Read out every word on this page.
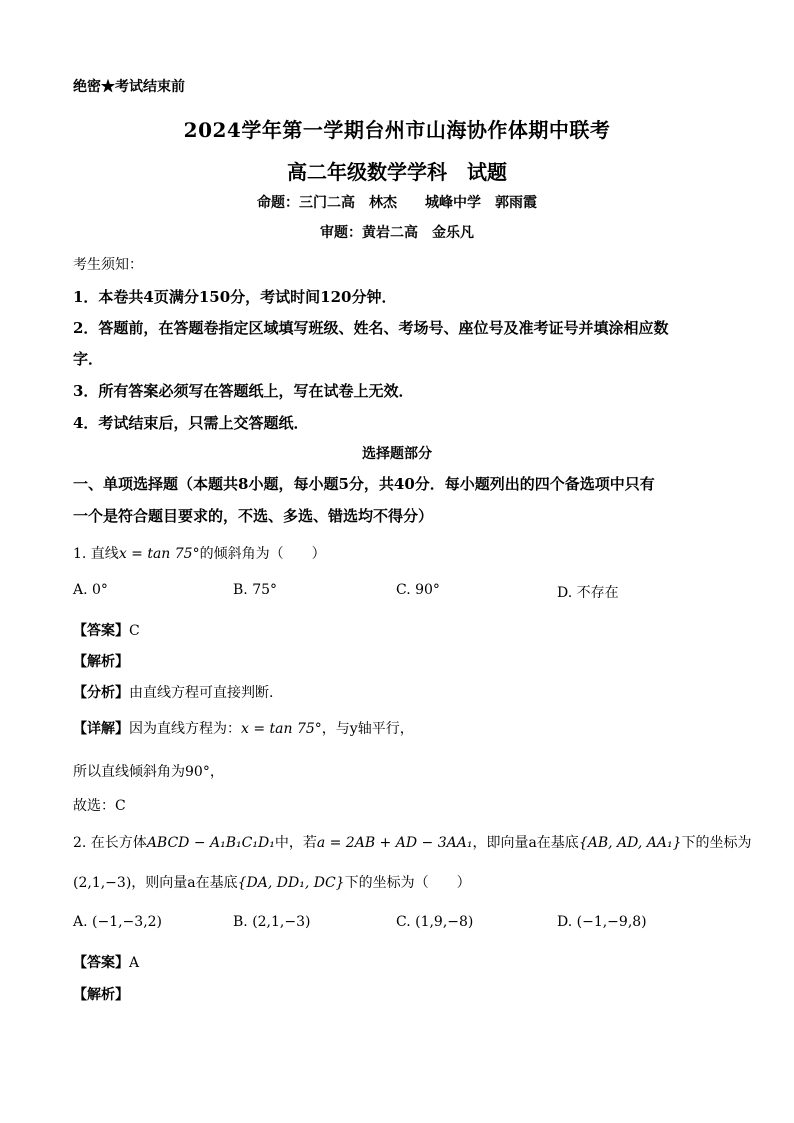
绝密★考试结束前
2024学年第一学期台州市山海协作体期中联考
高二年级数学学科　试题
命题：三门二高　林杰　　城峰中学　郭雨霞
审题：黄岩二高　金乐凡
考生须知：
1．本卷共4页满分150分，考试时间120分钟．
2．答题前，在答题卷指定区域填写班级、姓名、考场号、座位号及准考证号并填涂相应数
字．
3．所有答案必须写在答题纸上，写在试卷上无效．
4．考试结束后，只需上交答题纸．
选择题部分
一、单项选择题（本题共8小题，每小题5分，共40分．每小题列出的四个备选项中只有
一个是符合题目要求的，不选、多选、错选均不得分）
1. 直线x = tan 75°的倾斜角为（　　）
A. 0°	B. 75°	C. 90°	D. 不存在
【答案】C
【解析】
【分析】由直线方程可直接判断.
【详解】因为直线方程为：x = tan 75°，与y轴平行，
所以直线倾斜角为90°，
故选：C
2. 在长方体ABCD − A₁B₁C₁D₁中，若a = 2AB + AD − 3AA₁，即向量a在基底{AB, AD, AA₁}下的坐标为
(2,1,−3)，则向量a在基底{DA, DD₁, DC}下的坐标为（　　）
A. (−1,−3,2)	B. (2,1,−3)	C. (1,9,−8)	D. (−1,−9,8)
【答案】A
【解析】
